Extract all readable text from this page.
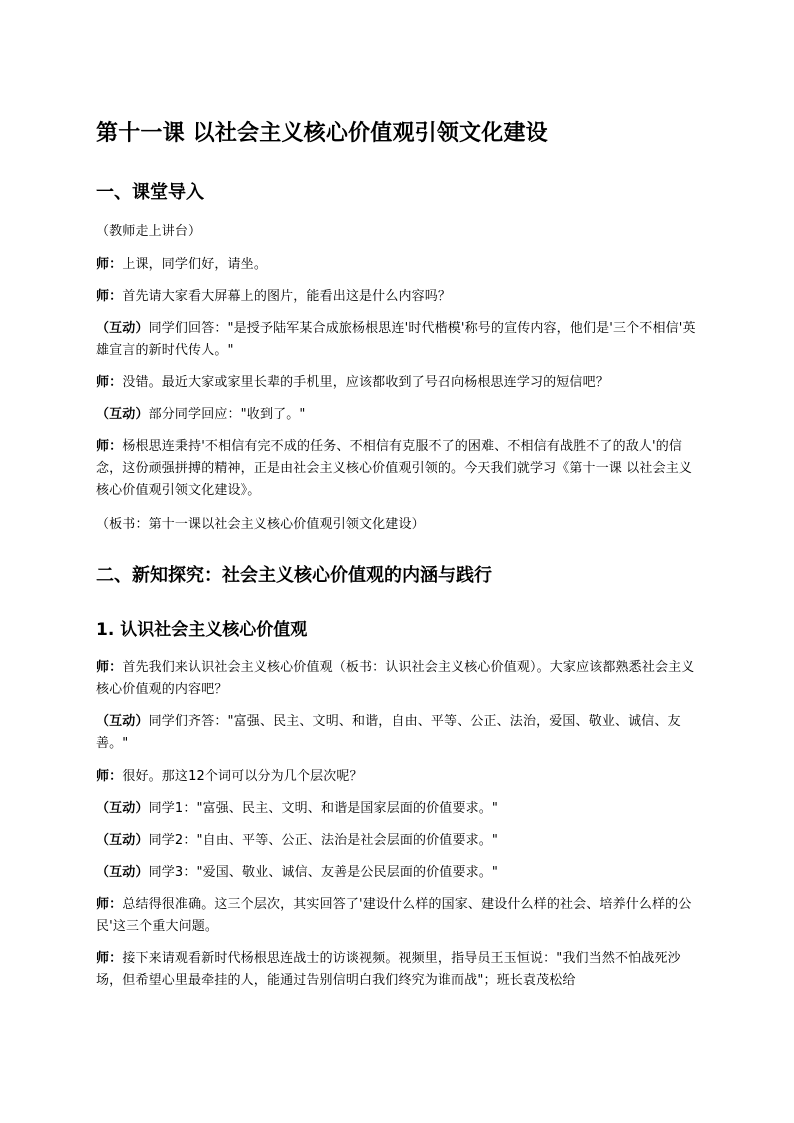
第十一课 以社会主义核心价值观引领文化建设
一、课堂导入

（教师走上讲台）

师：上课，同学们好，请坐。

师：首先请大家看大屏幕上的图片，能看出这是什么内容吗？

（互动）同学们回答："是授予陆军某合成旅杨根思连'时代楷模'称号的宣传内容，他们是'三个不相信'英雄宣言的新时代传人。"

师：没错。最近大家或家里长辈的手机里，应该都收到了号召向杨根思连学习的短信吧？

（互动）部分同学回应："收到了。"

师：杨根思连秉持'不相信有完不成的任务、不相信有克服不了的困难、不相信有战胜不了的敌人'的信念，这份顽强拼搏的精神，正是由社会主义核心价值观引领的。今天我们就学习《第十一课 以社会主义核心价值观引领文化建设》。

（板书：第十一课以社会主义核心价值观引领文化建设）

二、新知探究：社会主义核心价值观的内涵与践行
1. 认识社会主义核心价值观

师：首先我们来认识社会主义核心价值观（板书：认识社会主义核心价值观）。大家应该都熟悉社会主义核心价值观的内容吧？

（互动）同学们齐答："富强、民主、文明、和谐，自由、平等、公正、法治，爱国、敬业、诚信、友善。"

师：很好。那这12个词可以分为几个层次呢？

（互动）同学1："富强、民主、文明、和谐是国家层面的价值要求。"

（互动）同学2："自由、平等、公正、法治是社会层面的价值要求。"

（互动）同学3："爱国、敬业、诚信、友善是公民层面的价值要求。"

师：总结得很准确。这三个层次，其实回答了'建设什么样的国家、建设什么样的社会、培养什么样的公民'这三个重大问题。

师：接下来请观看新时代杨根思连战士的访谈视频。视频里，指导员王玉恒说："我们当然不怕战死沙场，但希望心里最牵挂的人，能通过告别信明白我们终究为谁而战"；班长袁茂松给
